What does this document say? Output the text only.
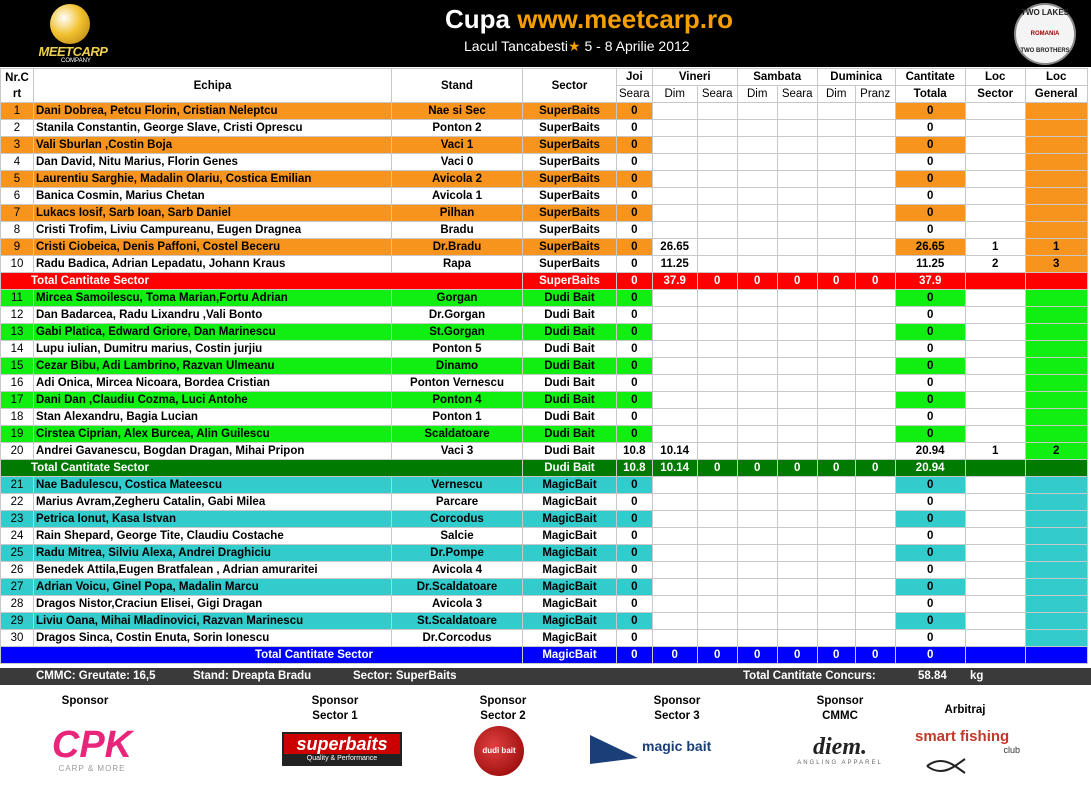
MEETCARP
COMPANY
Cupa www.meetcarp.ro
Lacul Tancabesti★ 5 - 8 Aprilie 2012
TWO LAKES
ROMANIA
TWO BROTHERS
Nr.C rt	Echipa	Stand	Sector	Joi	Vineri		Sambata		Duminica		Cantitate	Loc	Loc
				Seara	Dim	Seara	Dim	Seara	Dim	Pranz	Totala	Sector	General
1	Dani Dobrea, Petcu Florin, Cristian Neleptcu	Nae si Sec	SuperBaits	0							0		
2	Stanila Constantin, George Slave, Cristi Oprescu	Ponton 2	SuperBaits	0							0		
3	Vali Sburlan ,Costin Boja	Vaci 1	SuperBaits	0							0		
4	Dan David, Nitu Marius, Florin Genes	Vaci 0	SuperBaits	0							0		
5	Laurentiu Sarghie, Madalin Olariu, Costica Emilian	Avicola 2	SuperBaits	0							0		
6	Banica Cosmin, Marius Chetan	Avicola 1	SuperBaits	0							0		
7	Lukacs Iosif, Sarb Ioan, Sarb Daniel	Pilhan	SuperBaits	0							0		
8	Cristi Trofim, Liviu Campureanu, Eugen Dragnea	Bradu	SuperBaits	0							0		
9	Cristi Ciobeica, Denis Paffoni, Costel Beceru	Dr.Bradu	SuperBaits	0	26.65						26.65	1	1
10	Radu Badica, Adrian Lepadatu, Johann Kraus	Rapa	SuperBaits	0	11.25						11.25	2	3
Total Cantitate Sector			SuperBaits	0	37.9	0	0	0	0	0	37.9		
11	Mircea Samoilescu, Toma Marian,Fortu Adrian	Gorgan	Dudi Bait	0							0		
12	Dan Badarcea, Radu Lixandru ,Vali Bonto	Dr.Gorgan	Dudi Bait	0							0		
13	Gabi Platica, Edward Griore, Dan Marinescu	St.Gorgan	Dudi Bait	0							0		
14	Lupu iulian, Dumitru marius, Costin jurjiu	Ponton 5	Dudi Bait	0							0		
15	Cezar Bibu, Adi Lambrino, Razvan Ulmeanu	Dinamo	Dudi Bait	0							0		
16	Adi Onica, Mircea Nicoara, Bordea Cristian	Ponton Vernescu	Dudi Bait	0							0		
17	Dani Dan ,Claudiu Cozma, Luci Antohe	Ponton 4	Dudi Bait	0							0		
18	Stan Alexandru, Bagia Lucian	Ponton 1	Dudi Bait	0							0		
19	Cirstea Ciprian, Alex Burcea, Alin Guilescu	Scaldatoare	Dudi Bait	0							0		
20	Andrei Gavanescu, Bogdan Dragan, Mihai Pripon	Vaci 3	Dudi Bait	10.8	10.14						20.94	1	2
Total Cantitate Sector			Dudi Bait	10.8	10.14	0	0	0	0	0	20.94		
21	Nae Badulescu, Costica Mateescu	Vernescu	MagicBait	0							0		
22	Marius Avram,Zegheru Catalin, Gabi Milea	Parcare	MagicBait	0							0		
23	Petrica Ionut, Kasa Istvan	Corcodus	MagicBait	0							0		
24	Rain Shepard, George Tite, Claudiu Costache	Salcie	MagicBait	0							0		
25	Radu Mitrea, Silviu Alexa, Andrei Draghiciu	Dr.Pompe	MagicBait	0							0		
26	Benedek Attila,Eugen Bratfalean , Adrian amuraritei	Avicola 4	MagicBait	0							0		
27	Adrian Voicu, Ginel Popa, Madalin Marcu	Dr.Scaldatoare	MagicBait	0							0		
28	Dragos Nistor,Craciun Elisei, Gigi Dragan	Avicola 3	MagicBait	0							0		
29	Liviu Oana, Mihai Mladinovici, Razvan Marinescu	St.Scaldatoare	MagicBait	0							0		
30	Dragos Sinca, Costin Enuta, Sorin Ionescu	Dr.Corcodus	MagicBait	0							0		
Total Cantitate Sector			MagicBait	0	0	0	0	0	0	0	0		
CMMC: Greutate: 16,5	Stand: Dreapta Bradu	Sector: SuperBaits	Total Cantitate Concurs:	58.84 kg
Sponsor	Sponsor
Sector 1
Sponsor
Sector 2
Sponsor
Sector 3
Sponsor
CMMC	Arbitraj
CPK
CARP & MORE
superbaits
Quality & Performance
dudi bait	magic bait	diem.
ANGLING APPAREL
smart fishing
club
